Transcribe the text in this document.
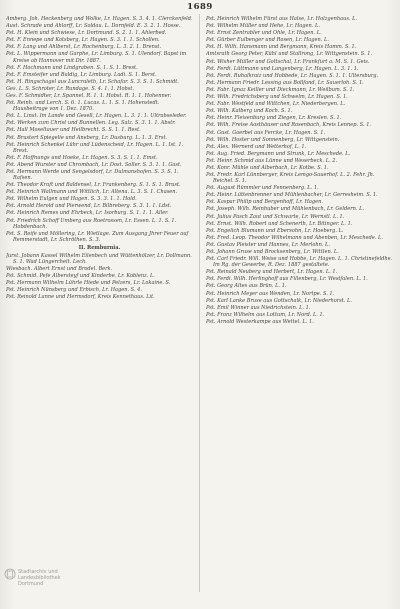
1689

Amberg. Joh. Heckenberg und Wolke, Lr. Hagen. S. 3. 4. 1. Clerckenfeld.

Aust. Schrade und Ahlorff, Lr. Soldau. L. Dornfeld. E. 3. 2. 1. Hosse.

Pst. H. Klein und Schwiese, Lr. Dortmund. S. 2. 1. 1. Ahlerbed.

Pst. F. Ennepe und Kotsberg, Lr. Hagen. S. 3. 1. 1. Schollen.

Pst. F. Lang und Ahlberst, Lr. Rochenburg. L. 3. 2. 1. Brenst.

Pst. L. Wippermann und Garphe, Lr. Limburg. S. 1. Ulendorf. Bapst im Kreise ab Hannover mit Dir. 1887.

Pst. F. Hochmann und Lindgraben. S. 1. S. 1. Brest.

Pst. F. Emsteifer und Baldig, Lr. Limburg. Ladi. S. 1. Berst.

Pst. H. Ringschagel aus Luncraleth, Lr. Schafar. S. 3. S. 1. Schmidt.

Ges. L. S. Schroter, Lr. Rundage. S. 4. 1. 1. Hobst.

Ges. F. Schmidter, Lr. Spannel. R. 1. 1. Hobst. R. 1. 1. Hohenner.

Pst. Reinh. und Lerch. S. 6. 1. Lucas. L. 1. S. 1. Hohenstedt. Hausbeitrage von 1. Dez. 1870.

Pst. L. Linst. Im Lande und Gesell, Lr. Hagen. L. 3. 1. 1. Ultrabseleder.

Pst. Werken zum Christ und Bunnellen. Leg. Salz. S. 3. 1. 1. Abstr.

Pst. Hall Moseltauer und Heilbrecht. S. S. 1. 1. Rest.

Pst. Brustert Spiegelie und Aneberg, Lr. Dusburg. L. 1. 3. Erst.

Pst. Heinrich Schenkel Lühr und Lüdenscheid, Lr. Hagen. L. 1. Ist. 1. Brest.

Pst. F. Hoffnungs und Hoeke, Lr. Hagen. S. 3. S. 1. 1. Emst.

Pst. Abend Wurster und Chrombach, Lr. Dost. Soller. S. 3. 1. 1. Gast.

Pst. Hermann Werde und Sengelsdorf, Lr. Dulmanshofen. S. 3. S. 1. Rafsen.

Pst. Theodor Kraft und Baldensel, Lr. Frankenberg. S. 1. S. 1. Brust.

Pst. Heinrich Wallmann und Wittlich, Lr. Altena. L. 3. S. 1. Chasen.

Pst. Wilhelm Eulgen und Hagen. S. 3. 3. 1. 1. Hold.

Pst. Arnold Herold und Pierwend, Lr. Bilbreberg. S. 3. 1. 1. Ldst.

Pst. Heinrich Remes und Ehrbeck, Lr. Isorburg. S. 1. 1. 1. Aller.

Pst. Friedrich Schoff Umberg aus Roetrossen, Lr. Essen. L. 1. S. 1. Hobdenbach.

Pst. S. Reife und Möllering, Lr. Wietlage. Zum Ausgang Jhrer Feuer auf Remmerstadt, Lr. Schröthen. S. 3.

II. Remburnia.

Jurst. Jobann Kassel Wilhelm Eilenbech und Wüttenhölzer, Lr. Dollmann. S. 1. Wad Lüngercheit. Lech.

Wiesbach. Albert Ernst und Brodel. Berk.

Pst. Schmid. Pefe Albersteyf und Kinderbe, Lr. Koblenz. L.

Pst. Hermann Wilhelm Lührle Hiede und Pelzers, Lr. Lokaine. S.

Pst. Heinrich Nünsberg und Erbisch, Lr. Hagen. S. 4.

Pst. Reinold Lanne und Hermsdorf, Kreis Kennethaus. Lit.

Pst. Heinrich Wilhelm Fürst aus Halse, Lr. Holzgenhaus. L.

Pst. Wilhelm Müller und Hehe, Lr. Hagen. L.

Pst. Ernst Zentrabler und Ohle, Lr. Hagen. L.

Pst. Gürber Eulbenger und Rosen, Lr. Hagen. L.

Pst. H. Wilh. Hansmann und Bergmann, Kreis Hamm. S. 1.

Amtsrath Georg Peter, Kühl und Stallrong, Lr. Wittgenstein. S. 1.

Pst. Wisher Müller und Gottschal, Lr. Frankfurt a. M. S. 1. Geis.

Pst. Ferdi. Lüttmann und Langenberg, Lr. Hagen. L. 3. 1. 1.

Pst. Ferdi. Ruhalkraiz und Hobbede, Lr. Hagen. S. 1. 1. Ultersburg.

Pst. Hermann Friedr. Lessing aus Bollfand, Lr. Sauerloh. S. 1.

Pst. Fabr. Ignaz Keiller und Dieckmann, Lr. Weilbum. S. 1.

Pst. Wilh. Fredrichsberg und Schwelm, Lr. Hagen. S. 1.

Pst. Fabr. Westfeld und Wittchen, Lr. Niederbergen. L.

Pst. Wilh. Kalberg und Koch. S. 1.

Pst. Heinr. Fleisenburg und Ziegen, Lr. Kreslen. S. 1.

Pst. Wilh. Freise Aasthäuser und Rosenbach, Kreis Lennep. S. 1.

Pst. Gust. Goerbel aus Fercke, Lr. Hagen. S. 1.

Pst. Wilh. Hoster und Sonnenberg, Lr. Wittgenstein.

Pst. Alex. Wernerd und Wetterhof, L. 1.

Pst. Aug. Fried. Bergmann und Strunk, Lr. Meschede. L.

Pst. Heinr. Schmid aus Lünne und Weserbeck. L. 2.

Pst. Konr. Mühle und Alberbach, Lr. Kotbe. S. 1.

Pst. Fredr. Karl Lünnberger, Kreis Lemgo-Sauerhof. L. 2. Fehr. Jh. Reichel. S. 1.

Pst. August Rümmler und Fennenberg. L. 1.

Pst. Heinr. Lüttenbrenner und Mühlenbacher, Lr. Gerresheim. S. 1.

Pst. Kaspar Philip und Bergenhoff, Lr. Hagen.

Pst. Joseph. Wilh. Reinhuber und Mühlenbach, Lr. Geldern. L.

Pst. Julius Pasch Zaut und Schwarte, Lr. Wernstl. L. 1.

Pst. Ernst. Wilh. Robert und Schenerth, Lr. Bitinger. L. 1.

Pst. Engelich Blumann und Ebersohn, Lr. Hoeberg. L.

Pst. Fred. Leop. Theodor Wilhelmann und Abenben, Lr. Meschede. L.

Pst. Gustav Pleister und Hannes, Lr. Merlohn. L.

Pst. Johann Gruse und Brocksenberg, Lr. Wittlen. L.

Pst. Carl Friedr. Will. Weise und Hobbe, Lr. Hagen. L. 1. Christinefeldhe. Im Rg. der Gewerbe, R. Dez. 1887 gestaltete.

Pst. Reinald Neuberg und Herbert, Lr. Hagen. L. 1.

Pst. Ferdi. Wilh. Herlinghoff aus Fillenberg, Lr. Westfalen. L. 1.

Pst. Georg Altes aus Brün. L. 1.

Pst. Heinrich Meyer aus Wenden, Lr. Nortpe. S. 1.

Pst. Karl Lanke Bruse aus Gottschalk, Lr. Niederhorst. L.

Pst. Emil Winner aus Niedrichstein. L. 1.

Pst. Franz Wilhelm aus Lottum, Lr. Nord. L. 1.

Pst. Arnold Westerkampe aus Wettel. L. 1.

Stadtarchiv und
Landesbibliothek
Dortmund
